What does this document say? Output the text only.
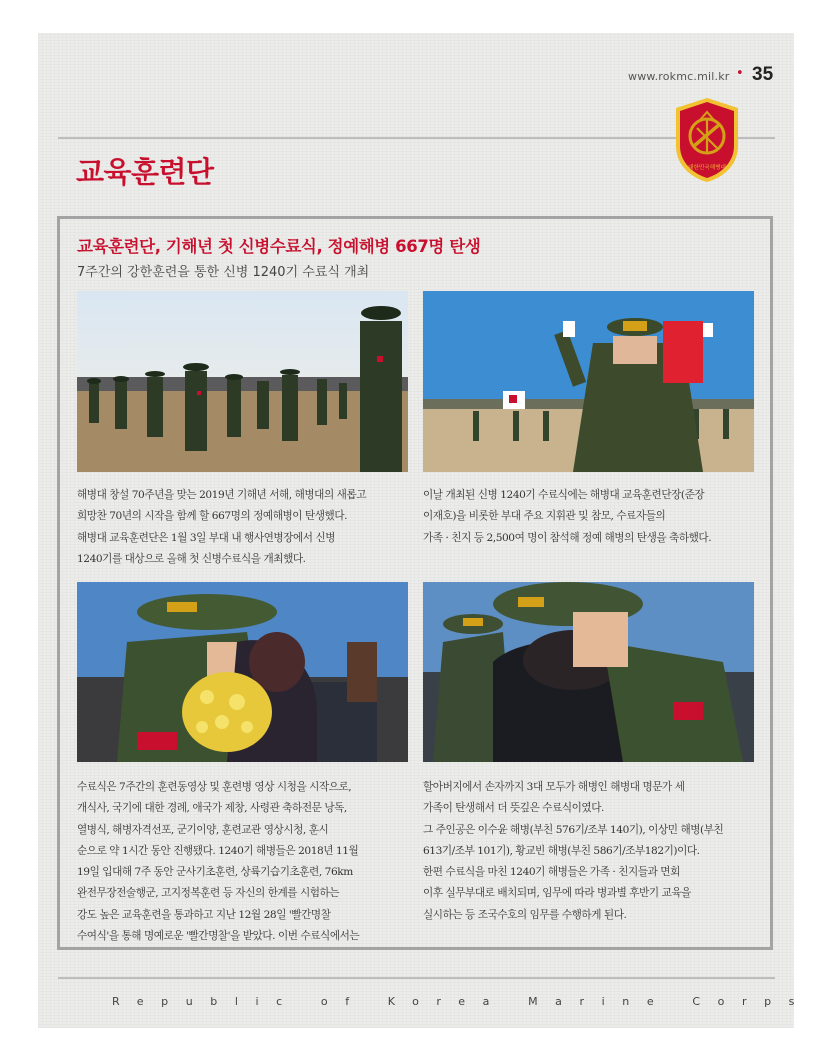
www.rokmc.mil.kr • 35
대한민국해병대
교육훈련단
교육훈련단, 기해년 첫 신병수료식, 정예해병 667명 탄생
7주간의 강한훈련을 통한 신병 1240기 수료식 개최
해병대 창설 70주년을 맞는 2019년 기해년 서해, 해병대의 새롭고
희망찬 70년의 시작을 함께 할 667명의 정예해병이 탄생했다.
해병대 교육훈련단은 1월 3일 부대 내 행사연병장에서 신병
1240기를 대상으로 올해 첫 신병수료식을 개최했다.
이날 개최된 신병 1240기 수료식에는 해병대 교육훈련단장(준장
이재호)을 비롯한 부대 주요 지휘관 및 참모, 수료자들의
가족 · 친지 등 2,500여 명이 참석해 정예 해병의 탄생을 축하했다.
수료식은 7주간의 훈련동영상 및 훈련병 영상 시청을 시작으로,
개식사, 국기에 대한 경례, 애국가 제창, 사령관 축하전문 낭독,
열병식, 해병자격선포, 군기이양, 훈련교관 영상시청, 훈시
순으로 약 1시간 동안 진행됐다. 1240기 해병들은 2018년 11월
19일 입대해 7주 동안 군사기초훈련, 상륙기습기초훈련, 76km
완전무장전술행군, 고지정복훈련 등 자신의 한계를 시험하는
강도 높은 교육훈련을 통과하고 지난 12월 28일 '빨간명찰
수여식'을 통해 명예로운 '빨간명찰'을 받았다. 이번 수료식에서는
할아버지에서 손자까지 3대 모두가 해병인 해병대 명문가 세
가족이 탄생해서 더 뜻깊은 수료식이였다.
그 주인공은 이수윤 해병(부친 576기/조부 140기), 이상민 해병(부친
613기/조부 101기), 황교빈 해병(부친 586기/조부182기)이다.
한편 수료식을 마친 1240기 해병들은 가족 · 친지들과 면회
이후 실무부대로 배치되며, 임무에 따라 병과별 후반기 교육을
실시하는 등 조국수호의 임무를 수행하게 된다.
Republic of Korea Marine Corps
